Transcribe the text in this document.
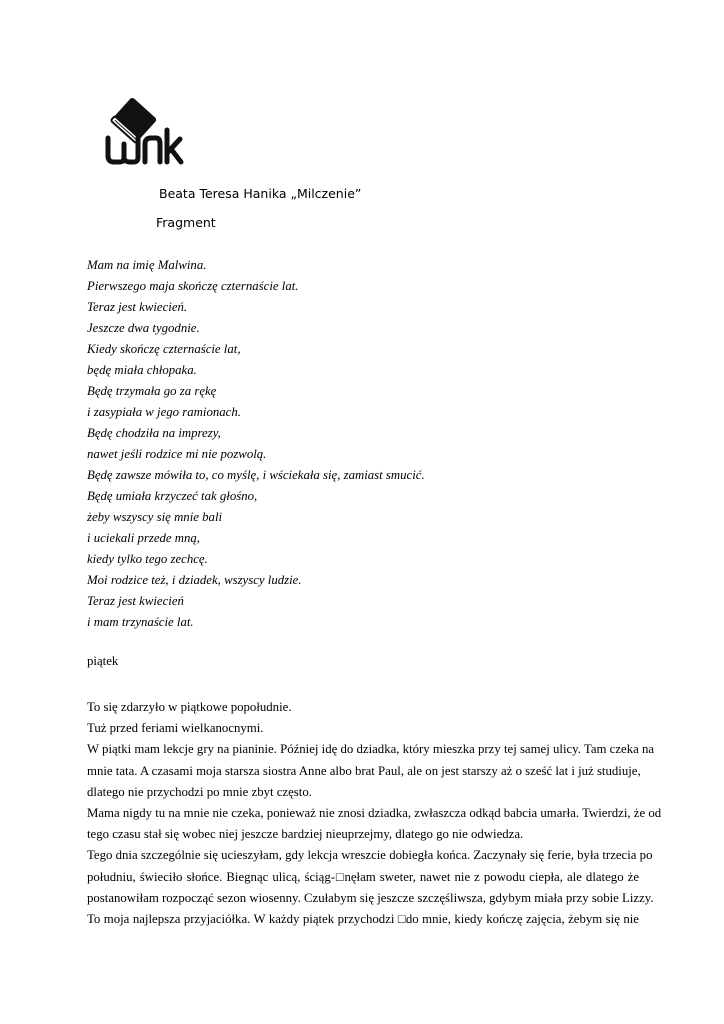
Beata Teresa Hanika „Milczenie”
Fragment
Mam na imię Malwina.
Pierwszego maja skończę czternaście lat.
Teraz jest kwiecień.
Jeszcze dwa tygodnie.
Kiedy skończę czternaście lat,
będę miała chłopaka.
Będę trzymała go za rękę
i zasypiała w jego ramionach.
Będę chodziła na imprezy,
nawet jeśli rodzice mi nie pozwolą.
Będę zawsze mówiła to, co myślę, i wściekała się, zamiast smucić.
Będę umiała krzyczeć tak głośno,
żeby wszyscy się mnie bali
i uciekali przede mną,
kiedy tylko tego zechcę.
Moi rodzice też, i dziadek, wszyscy ludzie.
Teraz jest kwiecień
i mam trzynaście lat.
piątek
To się zdarzyło w piątkowe popołudnie.
Tuż przed feriami wielkanocnymi.
W piątki mam lekcje gry na pianinie. Później idę do dziadka, który mieszka przy tej samej ulicy. Tam czeka na
mnie tata. A czasami moja starsza siostra Anne albo brat Paul, ale on jest starszy aż o sześć lat i już studiuje,
dlatego nie przychodzi po mnie zbyt często.
Mama nigdy tu na mnie nie czeka, ponieważ nie znosi dziadka, zwłaszcza odkąd babcia umarła. Twierdzi, że od
tego czasu stał się wobec niej jeszcze bardziej nieuprzejmy, dlatego go nie odwiedza.
Tego dnia szczególnie się ucieszyłam, gdy lekcja wreszcie dobiegła końca. Zaczynały się ferie, była trzecia po
południu, świeciło słońce. Biegnąc ulicą, ściąg-□nęłam sweter, nawet nie z powodu ciepła, ale dlatego że
postanowiłam rozpocząć sezon wiosenny. Czułabym się jeszcze szczęśliwsza, gdybym miała przy sobie Lizzy.
To moja najlepsza przyjaciółka. W każdy piątek przychodzi □do mnie, kiedy kończę zajęcia, żebym się nie
